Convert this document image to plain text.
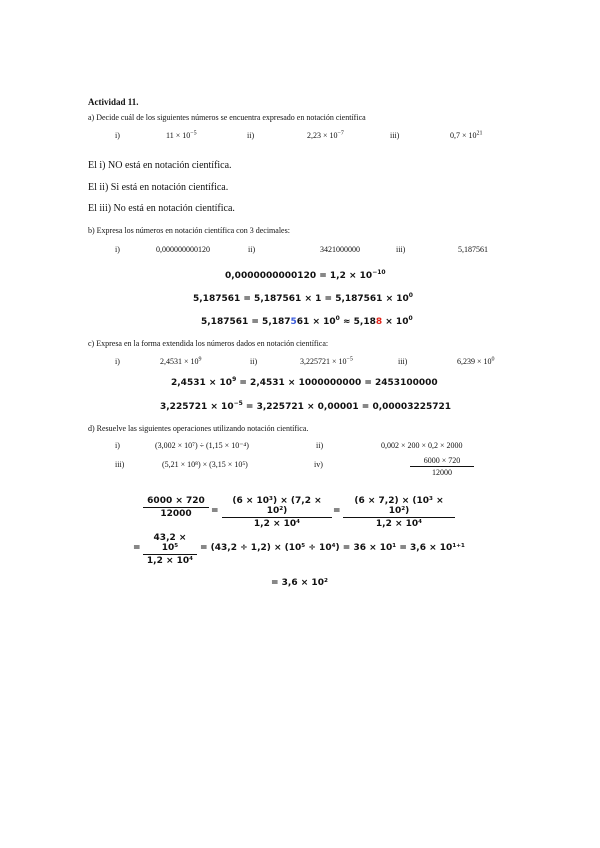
Actividad 11.
a) Decide cuál de los siguientes números se encuentra expresado en notación científica
i)	$11 \times 10^{-5}$	ii)	$2,23 \times 10^{-7}$	iii)	$0,7 \times 10^{21}$
El i) NO está en notación científica.
El ii) Si está en notación científica.
El iii) No está en notación científica.
b) Expresa los números en notación científica con 3 decimales:
i)	0,000000000120	ii)	3421000000	iii)	5,187561
$0,0000000000120 = 1,2 \times 10^{-10}$
$5,187561 = 5,187561 \times 1 = 5,187561 \times 10^0$
$5,187561 = 5,187561 \times 10^0 \approx 5,188 \times 10^0$
c) Expresa en la forma extendida los números dados en notación científica:
i)	$2,4531 \times 10^9$	ii)	$3,225721 \times 10^{-5}$	iii)	$6,239 \times 10^0$
$2,4531 \times 10^9 = 2,4531 \times 1000000000 = 2453100000$
$3,225721 \times 10^{-5} = 3,225721 \times 0,00001 = 0,00003225721$
d) Resuelve las siguientes operaciones utilizando notación científica.
i)	(3,002 × 10⁷) ÷ (1,15 × 10⁻⁴)	ii)	0,002 × 200 × 0,2 × 2000
iii)	(5,21 × 10⁸) × (3,15 × 10⁵)	iv)	$\frac{6000 \times 720}{12000}$
$\frac{6000 \times 720}{12000} = \frac{\text{(6 × 10³) × (7,2 × 10²)}}{\text{1,2 × 10⁴}} = \frac{\text{(6 × 7,2) × (10³ × 10²)}}{\text{1,2 × 10⁴}}$
= $\frac{\text{43,2 × 10⁵}}{\text{1,2 × 10⁴}} = (43,2 \div 1,2) \times (10^5 \div 10^4) = 36 \times 10^1 = 3,6 \times 10^{1+1}$
= 3,6 × 10²
